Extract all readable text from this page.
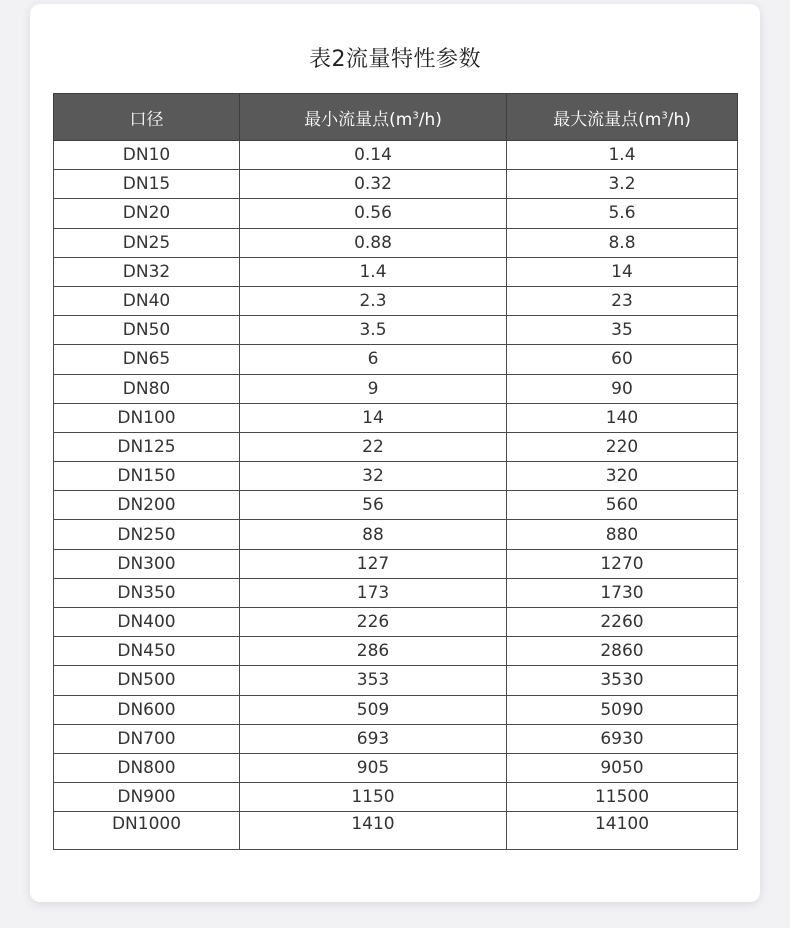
表2流量特性参数
口径	最小流量点$(m^3/h)$	最大流量点$(m^3/h)$
DN10	0.14	1.4
DN15	0.32	3.2
DN20	0.56	5.6
DN25	0.88	8.8
DN32	1.4	14
DN40	2.3	23
DN50	3.5	35
DN65	6	60
DN80	9	90
DN100	14	140
DN125	22	220
DN150	32	320
DN200	56	560
DN250	88	880
DN300	127	1270
DN350	173	1730
DN400	226	2260
DN450	286	2860
DN500	353	3530
DN600	509	5090
DN700	693	6930
DN800	905	9050
DN900	1150	11500
DN1000	1410	14100
